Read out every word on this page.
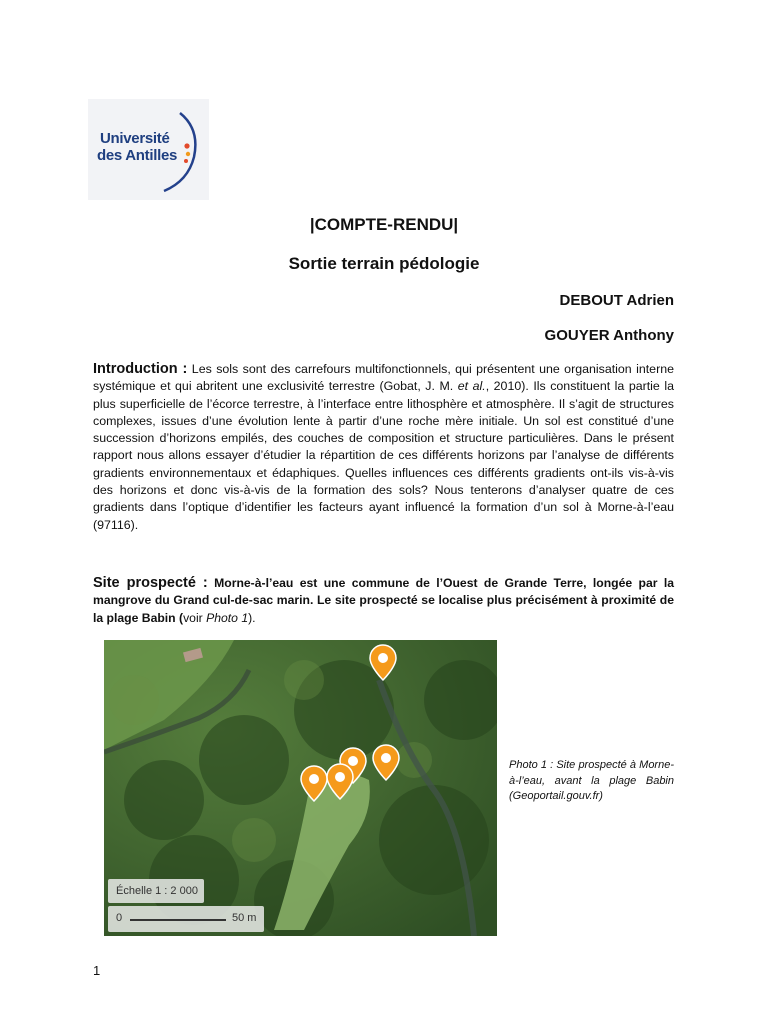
Université
des Antilles
|COMPTE-RENDU|
Sortie terrain pédologie
DEBOUT Adrien
GOUYER Anthony
Introduction : Les sols sont des carrefours multifonctionnels, qui présentent une organisation interne systémique et qui abritent une exclusivité terrestre (Gobat, J. M. et al., 2010). Ils constituent la partie la plus superficielle de l’écorce terrestre, à l’interface entre lithosphère et atmosphère. Il s’agit de structures complexes, issues d’une évolution lente à partir d’une roche mère initiale. Un sol est constitué d’une succession d’horizons empilés, des couches de composition et structure particulières. Dans le présent rapport nous allons essayer d’étudier la répartition de ces différents horizons par l’analyse de différents gradients environnementaux et édaphiques. Quelles influences ces différents gradients ont-ils vis-à-vis des horizons et donc vis-à-vis de la formation des sols? Nous tenterons d’analyser quatre de ces gradients dans l’optique d’identifier les facteurs ayant influencé la formation d’un sol à Morne-à-l’eau (97116).
Site prospecté : Morne-à-l’eau est une commune de l’Ouest de Grande Terre, longée par la mangrove du Grand cul-de-sac marin. Le site prospecté se localise plus précisément à proximité de la plage Babin (voir Photo 1).
Échelle 1 : 2 000
0	50 m
Photo 1 : Site prospecté à Morne-à-l’eau, avant la plage Babin (Geoportail.gouv.fr)
1
